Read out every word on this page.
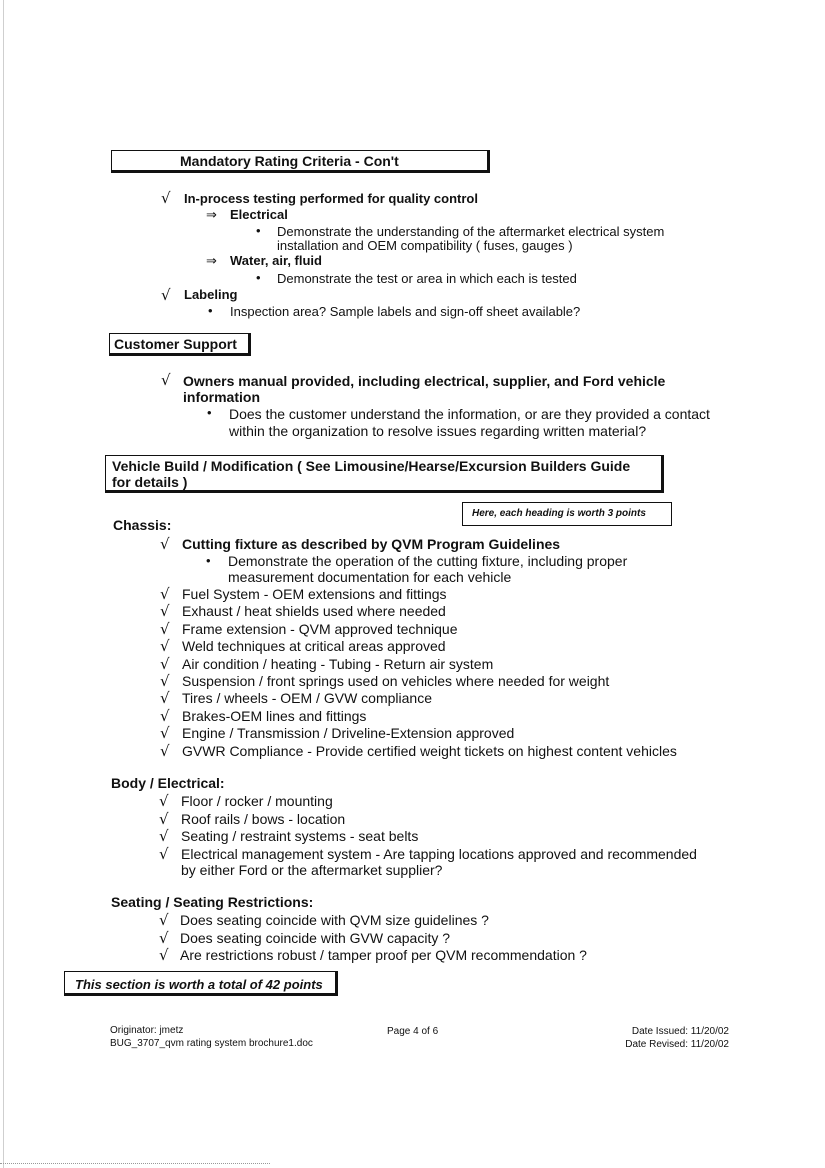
Mandatory Rating Criteria - Con't
√ In-process testing performed for quality control
⇒ Electrical
• Demonstrate the understanding of the aftermarket electrical system
installation and OEM compatibility ( fuses, gauges )
⇒ Water, air, fluid
• Demonstrate the test or area in which each is tested
√ Labeling
• Inspection area? Sample labels and sign-off sheet available?
Customer Support
√ Owners manual provided, including electrical, supplier, and Ford vehicle
information
• Does the customer understand the information, or are they provided a contact
within the organization to resolve issues regarding written material?
Vehicle Build / Modification ( See Limousine/Hearse/Excursion Builders Guide
for details )
Here, each heading is worth 3 points
Chassis:
√ Cutting fixture as described by QVM Program Guidelines
• Demonstrate the operation of the cutting fixture, including proper
measurement documentation for each vehicle
√ Fuel System - OEM extensions and fittings
√ Exhaust / heat shields used where needed
√ Frame extension - QVM approved technique
√ Weld techniques at critical areas approved
√ Air condition / heating - Tubing - Return air system
√ Suspension / front springs used on vehicles where needed for weight
√ Tires / wheels - OEM / GVW compliance
√ Brakes-OEM lines and fittings
√ Engine / Transmission / Driveline-Extension approved
√ GVWR Compliance - Provide certified weight tickets on highest content vehicles
Body / Electrical:
√ Floor / rocker / mounting
√ Roof rails / bows - location
√ Seating / restraint systems - seat belts
√ Electrical management system - Are tapping locations approved and recommended
by either Ford or the aftermarket supplier?
Seating / Seating Restrictions:
√ Does seating coincide with QVM size guidelines ?
√ Does seating coincide with GVW capacity ?
√ Are restrictions robust / tamper proof per QVM recommendation ?
This section is worth a total of 42 points
Originator: jmetz
BUG_3707_qvm rating system brochure1.doc
Page 4 of 6	Date Issued: 11/20/02
Date Revised: 11/20/02
